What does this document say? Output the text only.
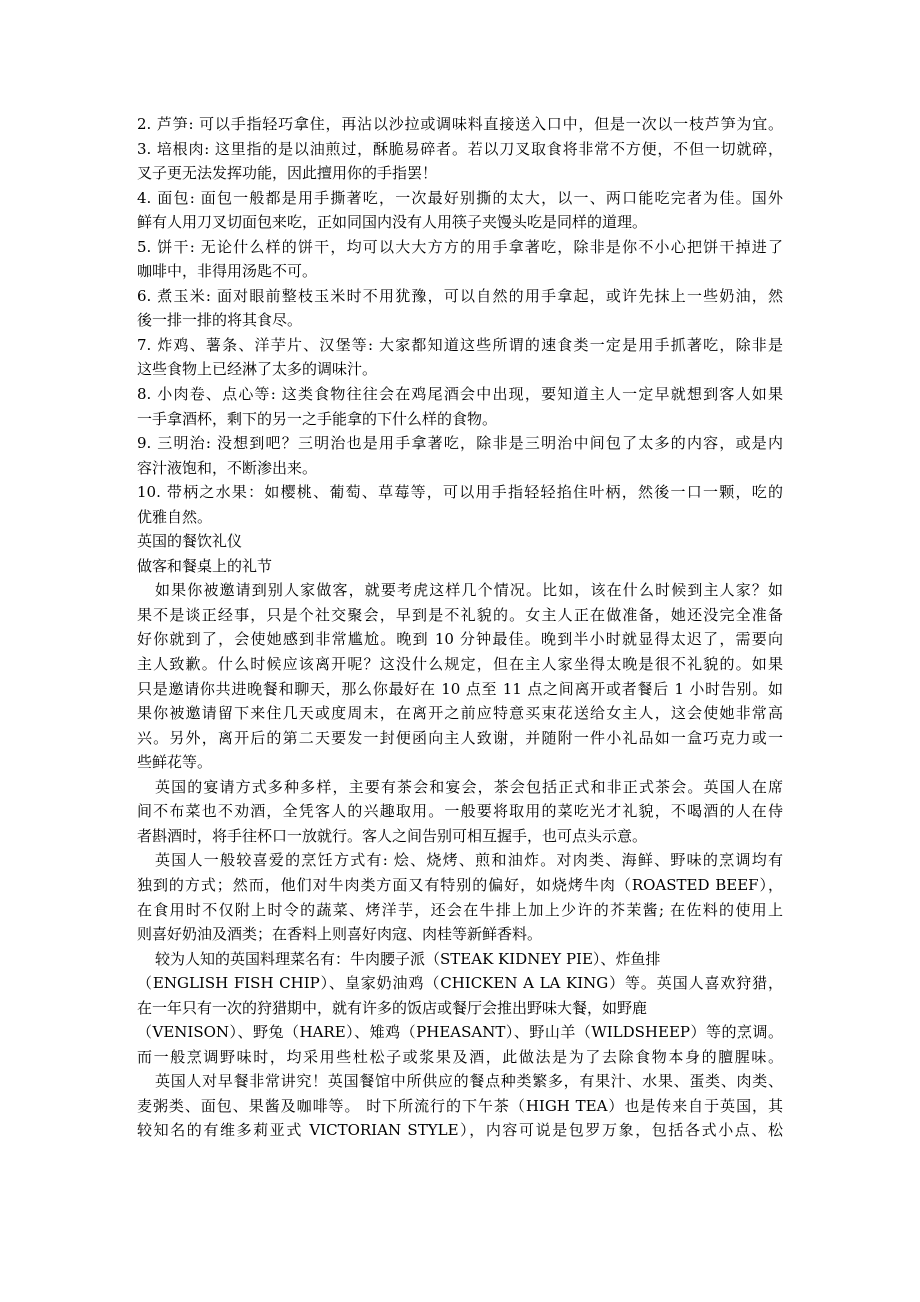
2. 芦笋: 可以手指轻巧拿住，再沾以沙拉或调味料直接送入口中，但是一次以一枝芦笋为宜。
3. 培根肉: 这里指的是以油煎过，酥脆易碎者。若以刀叉取食将非常不方便，不但一切就碎，
叉子更无法发挥功能，因此擅用你的手指罢！
4. 面包: 面包一般都是用手撕著吃，一次最好别撕的太大，以一、两口能吃完者为佳。国外
鲜有人用刀叉切面包来吃，正如同国内没有人用筷子夹馒头吃是同样的道理。
5. 饼干: 无论什么样的饼干，均可以大大方方的用手拿著吃，除非是你不小心把饼干掉进了
咖啡中，非得用汤匙不可。
6. 煮玉米: 面对眼前整枝玉米时不用犹豫，可以自然的用手拿起，或许先抹上一些奶油，然
後一排一排的将其食尽。
7. 炸鸡、薯条、洋芋片、汉堡等: 大家都知道这些所谓的速食类一定是用手抓著吃，除非是
这些食物上已经淋了太多的调味汁。
8. 小肉卷、点心等: 这类食物往往会在鸡尾酒会中出现，要知道主人一定早就想到客人如果
一手拿酒杯，剩下的另一之手能拿的下什么样的食物。
9. 三明治: 没想到吧？三明治也是用手拿著吃，除非是三明治中间包了太多的内容，或是内
容汁液饱和，不断渗出来。
10. 带柄之水果：如樱桃、葡萄、草莓等，可以用手指轻轻掐住叶柄，然後一口一颗，吃的
优雅自然。
英国的餐饮礼仪
做客和餐桌上的礼节
如果你被邀请到别人家做客，就要考虎这样几个情况。比如，该在什么时候到主人家？如
果不是谈正经事，只是个社交聚会，早到是不礼貌的。女主人正在做准备，她还没完全准备
好你就到了，会使她感到非常尴尬。晚到 10 分钟最佳。晚到半小时就显得太迟了，需要向
主人致歉。什么时候应该离开呢？这没什么规定，但在主人家坐得太晚是很不礼貌的。如果
只是邀请你共进晚餐和聊天，那么你最好在 10 点至 11 点之间离开或者餐后 1 小时告别。如
果你被邀请留下来住几天或度周末，在离开之前应特意买束花送给女主人，这会使她非常高
兴。另外，离开后的第二天要发一封便函向主人致谢，并随附一件小礼品如一盒巧克力或一
些鲜花等。
英国的宴请方式多种多样，主要有茶会和宴会，茶会包括正式和非正式茶会。英国人在席
间不布菜也不劝酒，全凭客人的兴趣取用。一般要将取用的菜吃光才礼貌，不喝酒的人在侍
者斟酒时，将手往杯口一放就行。客人之间告别可相互握手，也可点头示意。
英国人一般较喜爱的烹饪方式有: 烩、烧烤、煎和油炸。对肉类、海鲜、野味的烹调均有
独到的方式；然而，他们对牛肉类方面又有特别的偏好，如烧烤牛肉（ROASTED BEEF），
在食用时不仅附上时令的蔬菜、烤洋芋，还会在牛排上加上少许的芥茉酱; 在佐料的使用上
则喜好奶油及酒类；在香料上则喜好肉寇、肉桂等新鲜香料。
较为人知的英国料理菜名有：牛肉腰子派（STEAK KIDNEY PIE）、炸鱼排
（ENGLISH FISH CHIP）、皇家奶油鸡（CHICKEN A LA KING）等。英国人喜欢狩猎，
在一年只有一次的狩猎期中，就有许多的饭店或餐厅会推出野味大餐，如野鹿
（VENISON）、野兔（HARE）、雉鸡（PHEASANT）、野山羊（WILDSHEEP）等的烹调。
而一般烹调野味时，均采用些杜松子或浆果及酒，此做法是为了去除食物本身的膻腥味。
英国人对早餐非常讲究！英国餐馆中所供应的餐点种类繁多，有果汁、水果、蛋类、肉类、
麦粥类、面包、果酱及咖啡等。 时下所流行的下午茶（HIGH TEA）也是传来自于英国，其
较知名的有维多莉亚式 VICTORIAN STYLE），内容可说是包罗万象，包括各式小点、松
